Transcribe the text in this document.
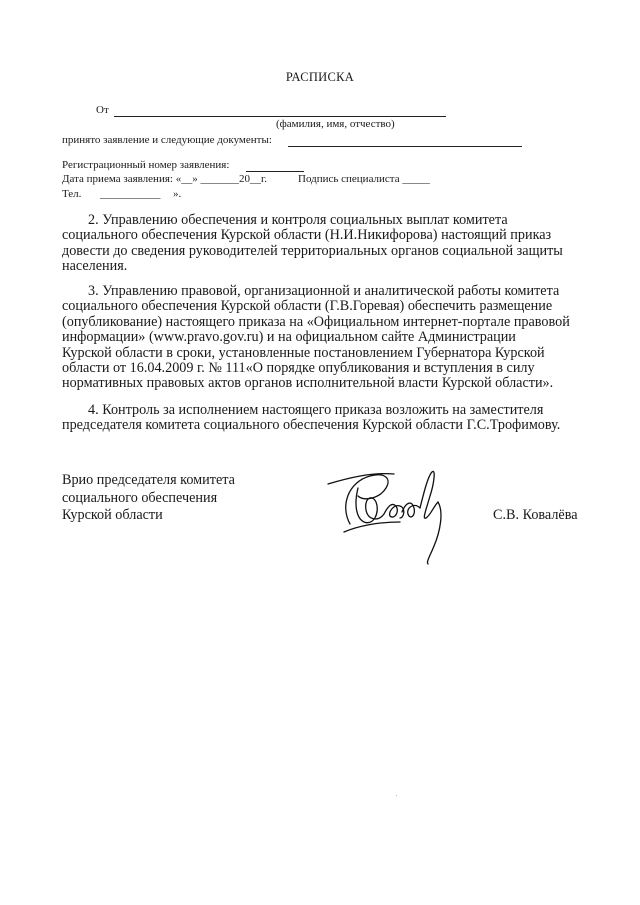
РАСПИСКА
От
(фамилия, имя, отчество)
принято заявление и следующие документы:
Регистрационный номер заявления:
Дата приема заявления: «__» _______20__г.	Подпись специалиста _____
Тел. ___________ ».
2. Управлению обеспечения и контроля социальных выплат комитета
социального обеспечения Курской области (Н.И.Никифорова) настоящий приказ
довести до сведения руководителей территориальных органов социальной защиты
населения.
3. Управлению правовой, организационной и аналитической работы комитета
социального обеспечения Курской области (Г.В.Горевая) обеспечить размещение
(опубликование) настоящего приказа на «Официальном интернет-портале правовой
информации» (www.pravo.gov.ru) и на официальном сайте Администрации
Курской области в сроки, установленные постановлением Губернатора Курской
области от 16.04.2009 г. № 111«О порядке опубликования и вступления в силу
нормативных правовых актов органов исполнительной власти Курской области».
4. Контроль за исполнением настоящего приказа возложить на заместителя
председателя комитета социального обеспечения Курской области Г.С.Трофимову.
Врио председателя комитета
социального обеспечения
Курской области	С.В. Ковалёва
